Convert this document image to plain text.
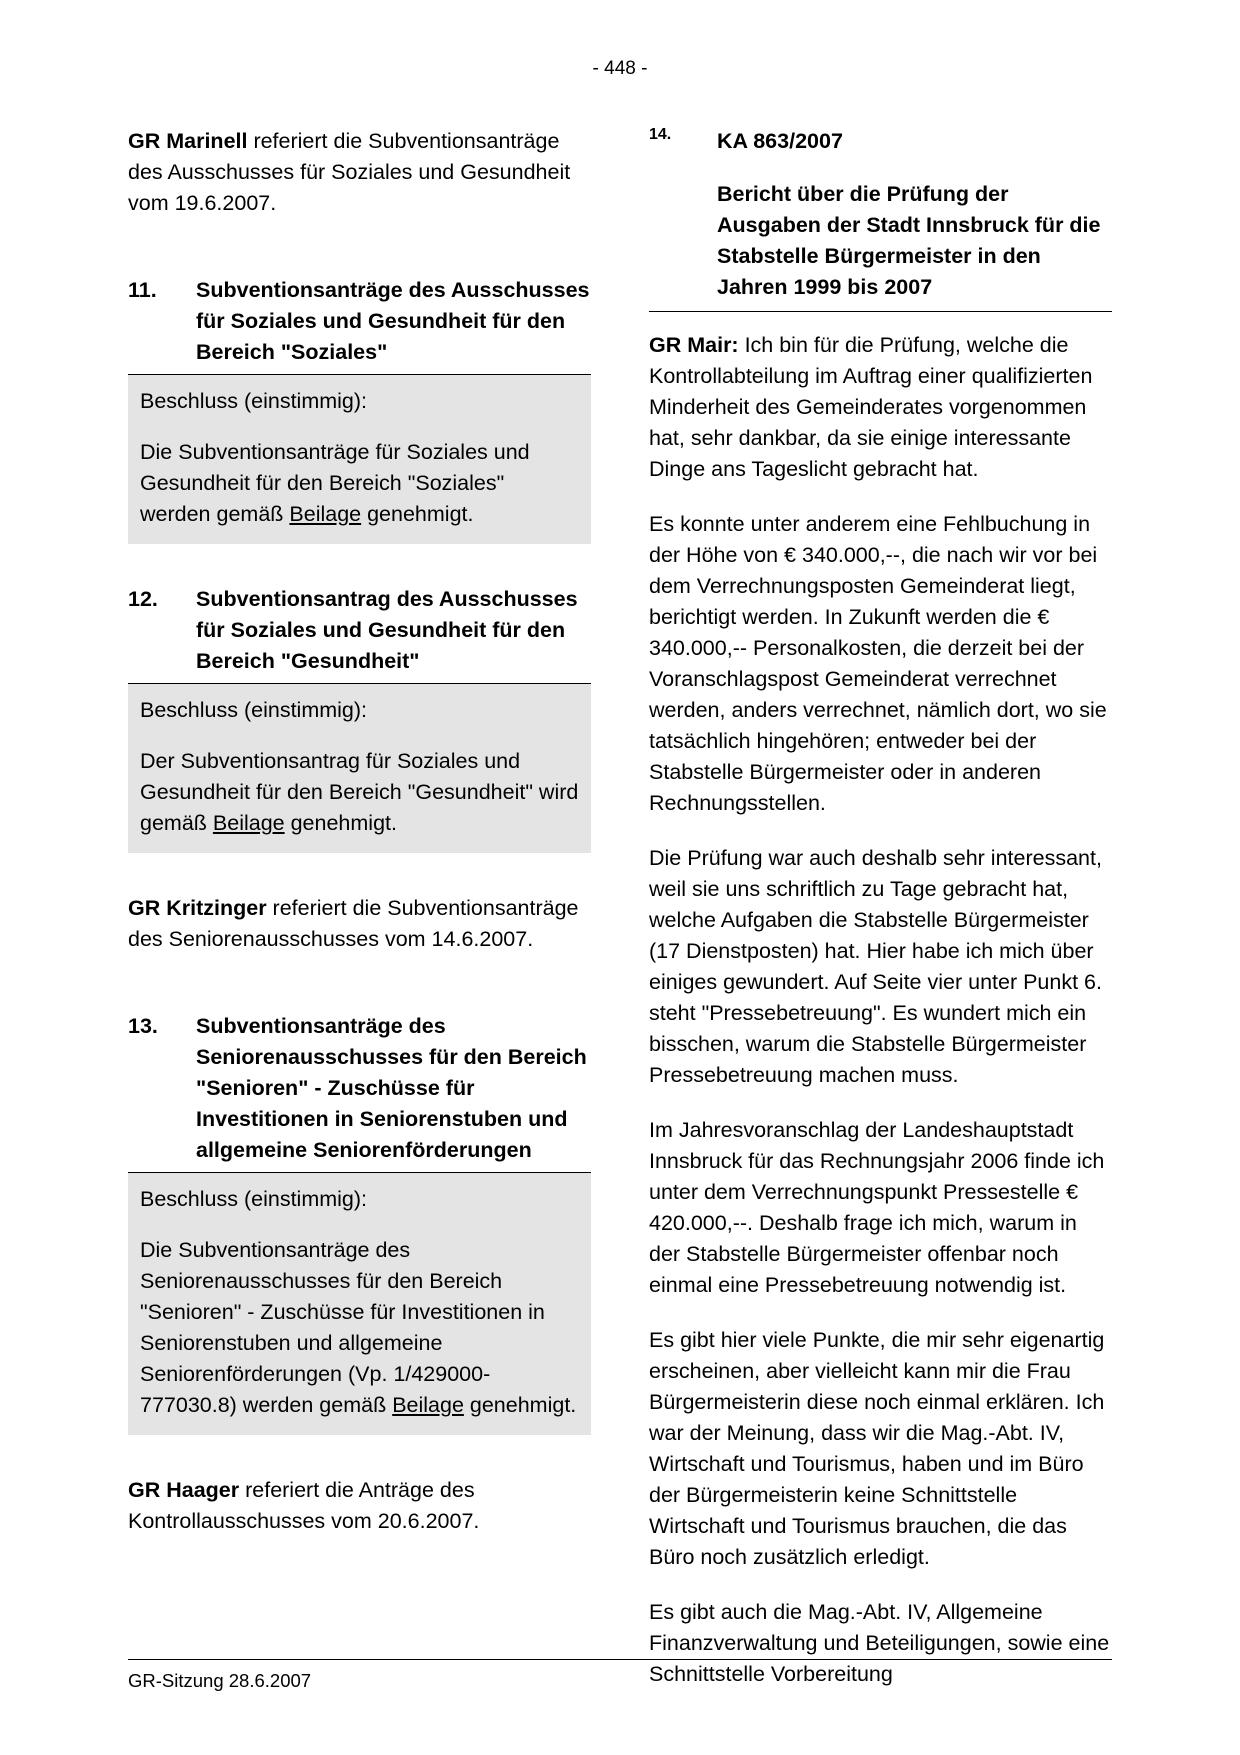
- 448 -

GR Marinell referiert die Subventionsanträge des Ausschusses für Soziales und Gesundheit vom 19.6.2007.

11.	Subventionsanträge des Ausschusses für Soziales und Gesundheit für den Bereich "Soziales"

Beschluss (einstimmig):

Die Subventionsanträge für Soziales und Gesundheit für den Bereich "Soziales" werden gemäß Beilage genehmigt.

12.	Subventionsantrag des Ausschusses für Soziales und Gesundheit für den Bereich "Gesundheit"

Beschluss (einstimmig):

Der Subventionsantrag für Soziales und Gesundheit für den Bereich "Gesundheit" wird gemäß Beilage genehmigt.

GR Kritzinger referiert die Subventionsanträge des Seniorenausschusses vom 14.6.2007.

13.	Subventionsanträge des Seniorenausschusses für den Bereich "Senioren" - Zuschüsse für Investitionen in Seniorenstuben und allgemeine Seniorenförderungen

Beschluss (einstimmig):

Die Subventionsanträge des Seniorenausschusses für den Bereich "Senioren" - Zuschüsse für Investitionen in Seniorenstuben und allgemeine Seniorenförderungen (Vp. 1/429000-777030.8) werden gemäß Beilage genehmigt.

GR Haager referiert die Anträge des Kontrollausschusses vom 20.6.2007.

14.	KA 863/2007
Bericht über die Prüfung der Ausgaben der Stadt Innsbruck für die Stabstelle Bürgermeister in den Jahren 1999 bis 2007

GR Mair: Ich bin für die Prüfung, welche die Kontrollabteilung im Auftrag einer qualifizierten Minderheit des Gemeinderates vorgenommen hat, sehr dankbar, da sie einige interessante Dinge ans Tageslicht gebracht hat.

Es konnte unter anderem eine Fehlbuchung in der Höhe von € 340.000,--, die nach wir vor bei dem Verrechnungsposten Gemeinderat liegt, berichtigt werden. In Zukunft werden die € 340.000,-- Personalkosten, die derzeit bei der Voranschlagspost Gemeinderat verrechnet werden, anders verrechnet, nämlich dort, wo sie tatsächlich hingehören; entweder bei der Stabstelle Bürgermeister oder in anderen Rechnungsstellen.

Die Prüfung war auch deshalb sehr interessant, weil sie uns schriftlich zu Tage gebracht hat, welche Aufgaben die Stabstelle Bürgermeister (17 Dienstposten) hat. Hier habe ich mich über einiges gewundert. Auf Seite vier unter Punkt 6. steht "Pressebetreuung". Es wundert mich ein bisschen, warum die Stabstelle Bürgermeister Pressebetreuung machen muss.

Im Jahresvoranschlag der Landeshauptstadt Innsbruck für das Rechnungsjahr 2006 finde ich unter dem Verrechnungspunkt Pressestelle € 420.000,--. Deshalb frage ich mich, warum in der Stabstelle Bürgermeister offenbar noch einmal eine Pressebetreuung notwendig ist.

Es gibt hier viele Punkte, die mir sehr eigenartig erscheinen, aber vielleicht kann mir die Frau Bürgermeisterin diese noch einmal erklären. Ich war der Meinung, dass wir die Mag.-Abt. IV, Wirtschaft und Tourismus, haben und im Büro der Bürgermeisterin keine Schnittstelle Wirtschaft und Tourismus brauchen, die das Büro noch zusätzlich erledigt.

Es gibt auch die Mag.-Abt. IV, Allgemeine Finanzverwaltung und Beteiligungen, sowie eine Schnittstelle Vorbereitung

GR-Sitzung 28.6.2007
